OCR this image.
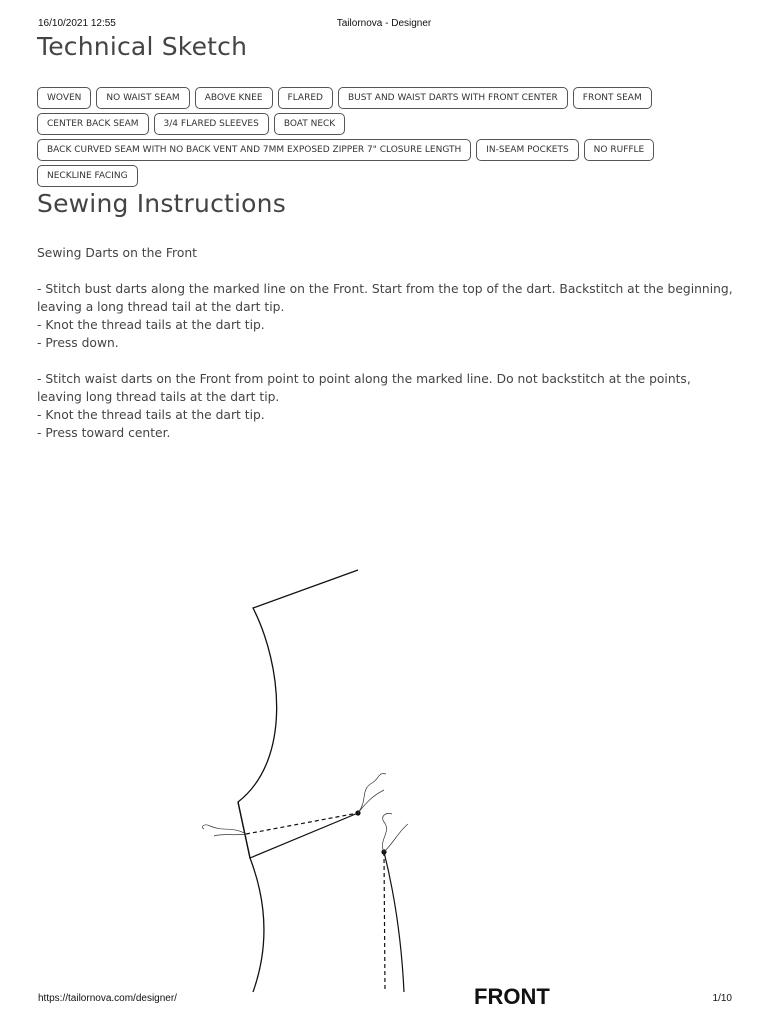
16/10/2021 12:55	Tailornova - Designer
Technical Sketch
WOVEN	NO WAIST SEAM	ABOVE KNEE	FLARED	BUST AND WAIST DARTS WITH FRONT CENTER	FRONT SEAM
CENTER BACK SEAM	3/4 FLARED SLEEVES	BOAT NECK
BACK CURVED SEAM WITH NO BACK VENT AND 7MM EXPOSED ZIPPER 7" CLOSURE LENGTH	IN-SEAM POCKETS	NO RUFFLE
NECKLINE FACING
Sewing Instructions

Sewing Darts on the Front

- Stitch bust darts along the marked line on the Front. Start from the top of the dart. Backstitch at the beginning, leaving a long thread tail at the dart tip.

- Knot the thread tails at the dart tip.

- Press down.

- Stitch waist darts on the Front from point to point along the marked line. Do not backstitch at the points, leaving long thread tails at the dart tip.

- Knot the thread tails at the dart tip.

- Press toward center.

FRONT
https://tailornova.com/designer/	1/10
